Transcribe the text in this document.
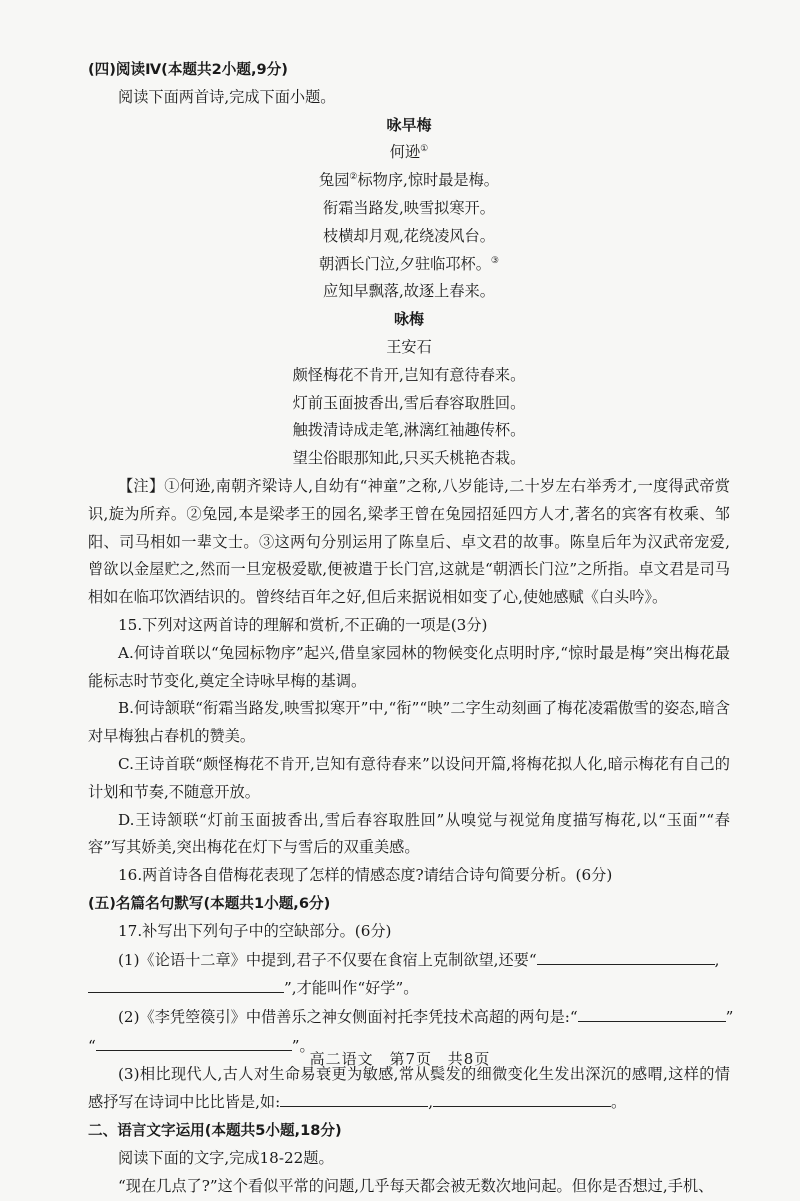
(四)阅读Ⅳ(本题共2小题,9分)

阅读下面两首诗,完成下面小题。

咏早梅

何逊①

兔园②标物序,惊时最是梅。

衔霜当路发,映雪拟寒开。

枝横却月观,花绕凌风台。

朝洒长门泣,夕驻临邛杯。③

应知早飘落,故逐上春来。

咏梅

王安石

颇怪梅花不肯开,岂知有意待春来。

灯前玉面披香出,雪后春容取胜回。

触拨清诗成走笔,淋漓红袖趣传杯。

望尘俗眼那知此,只买夭桃艳杏栽。

【注】①何逊,南朝齐梁诗人,自幼有“神童”之称,八岁能诗,二十岁左右举秀才,一度得武帝赏识,旋为所弃。②兔园,本是梁孝王的园名,梁孝王曾在兔园招延四方人才,著名的宾客有枚乘、邹阳、司马相如一辈文士。③这两句分别运用了陈皇后、卓文君的故事。陈皇后年为汉武帝宠爱,曾欲以金屋贮之,然而一旦宠极爱歇,便被遣于长门宫,这就是“朝洒长门泣”之所指。卓文君是司马相如在临邛饮酒结识的。曾终结百年之好,但后来据说相如变了心,使她感赋《白头吟》。

15.下列对这两首诗的理解和赏析,不正确的一项是(3分)

A.何诗首联以“兔园标物序”起兴,借皇家园林的物候变化点明时序,“惊时最是梅”突出梅花最能标志时节变化,奠定全诗咏早梅的基调。

B.何诗颔联“衔霜当路发,映雪拟寒开”中,“衔”“映”二字生动刻画了梅花凌霜傲雪的姿态,暗含对早梅独占春机的赞美。

C.王诗首联“颇怪梅花不肯开,岂知有意待春来”以设问开篇,将梅花拟人化,暗示梅花有自己的计划和节奏,不随意开放。

D.王诗颔联“灯前玉面披香出,雪后春容取胜回”从嗅觉与视觉角度描写梅花,以“玉面”“春容”写其娇美,突出梅花在灯下与雪后的双重美感。

16.两首诗各自借梅花表现了怎样的情感态度?请结合诗句简要分析。(6分)

(五)名篇名句默写(本题共1小题,6分)

17.补写出下列句子中的空缺部分。(6分)

(1)《论语十二章》中提到,君子不仅要在食宿上克制欲望,还要“	,

”,才能叫作“好学”。

(2)《李凭箜篌引》中借善乐之神女侧面衬托李凭技术高超的两句是:“	”

“	”。

(3)相比现代人,古人对生命易衰更为敏感,常从鬓发的细微变化生发出深沉的感喟,这样的情感抒写在诗词中比比皆是,如:	,	。

二、语言文字运用(本题共5小题,18分)

阅读下面的文字,完成18-22题。

“现在几点了?”这个看似平常的问题,几乎每天都会被无数次地问起。但你是否想过,手机、

高二语文 第7页 共8页
